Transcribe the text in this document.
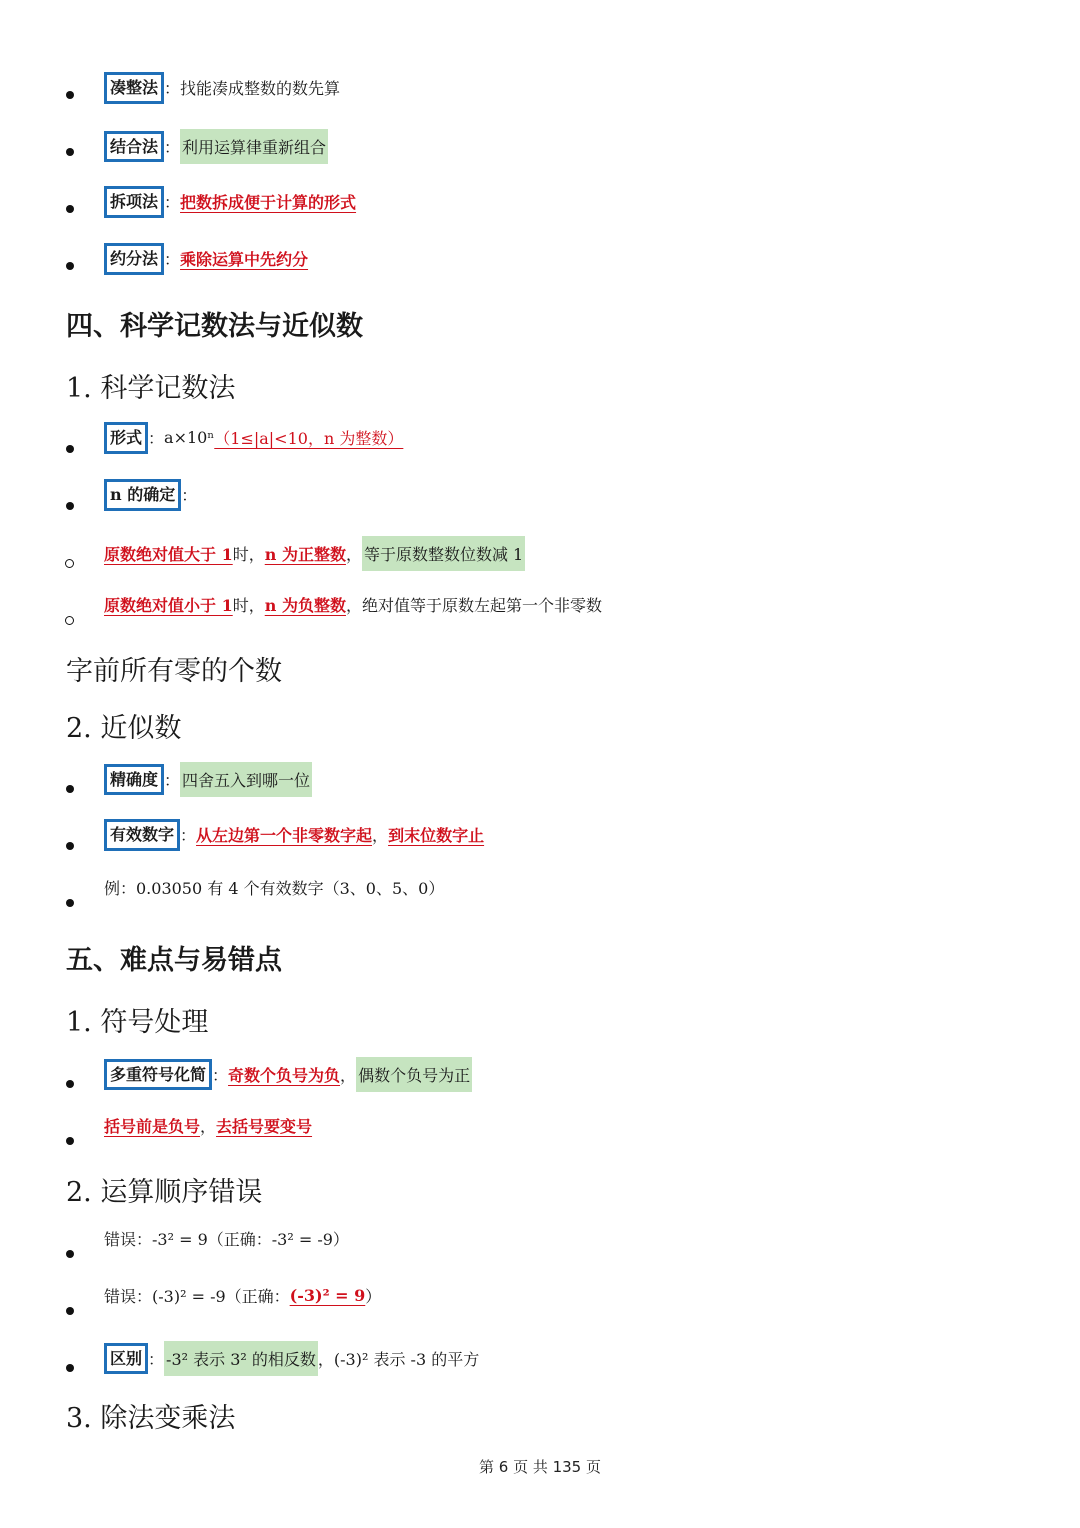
凑整法 ： 找能凑成整数的数先算
结合法 ： 利用运算律重新组合
拆项法 ： 把数拆成便于计算的形式
约分法 ： 乘除运算中先约分
四、科学记数法与近似数
1. 科学记数法
形式 ： a×10ⁿ （1≤|a|<10，n 为整数）
n 的确定 ：
原数绝对值大于 1 时， n 为正整数 ， 等于原数整数位数减 1
原数绝对值小于 1 时， n 为负整数 ，绝对值等于原数左起第一个非零数
字前所有零的个数
2. 近似数
精确度 ： 四舍五入到哪一位
有效数字 ： 从左边第一个非零数字起 ， 到末位数字止
例：0.03050 有 4 个有效数字（3、0、5、0）
五、难点与易错点
1. 符号处理
多重符号化简 ： 奇数个负号为负 ， 偶数个负号为正
括号前是负号 ， 去括号要变号
2. 运算顺序错误
错误：-3² = 9（正确：-3² = -9）
错误：(-3)² = -9（正确： (-3)² = 9 ）
区别 ： -3² 表示 3² 的相反数 ，(-3)² 表示 -3 的平方
3. 除法变乘法
第 6 页 共 135 页
